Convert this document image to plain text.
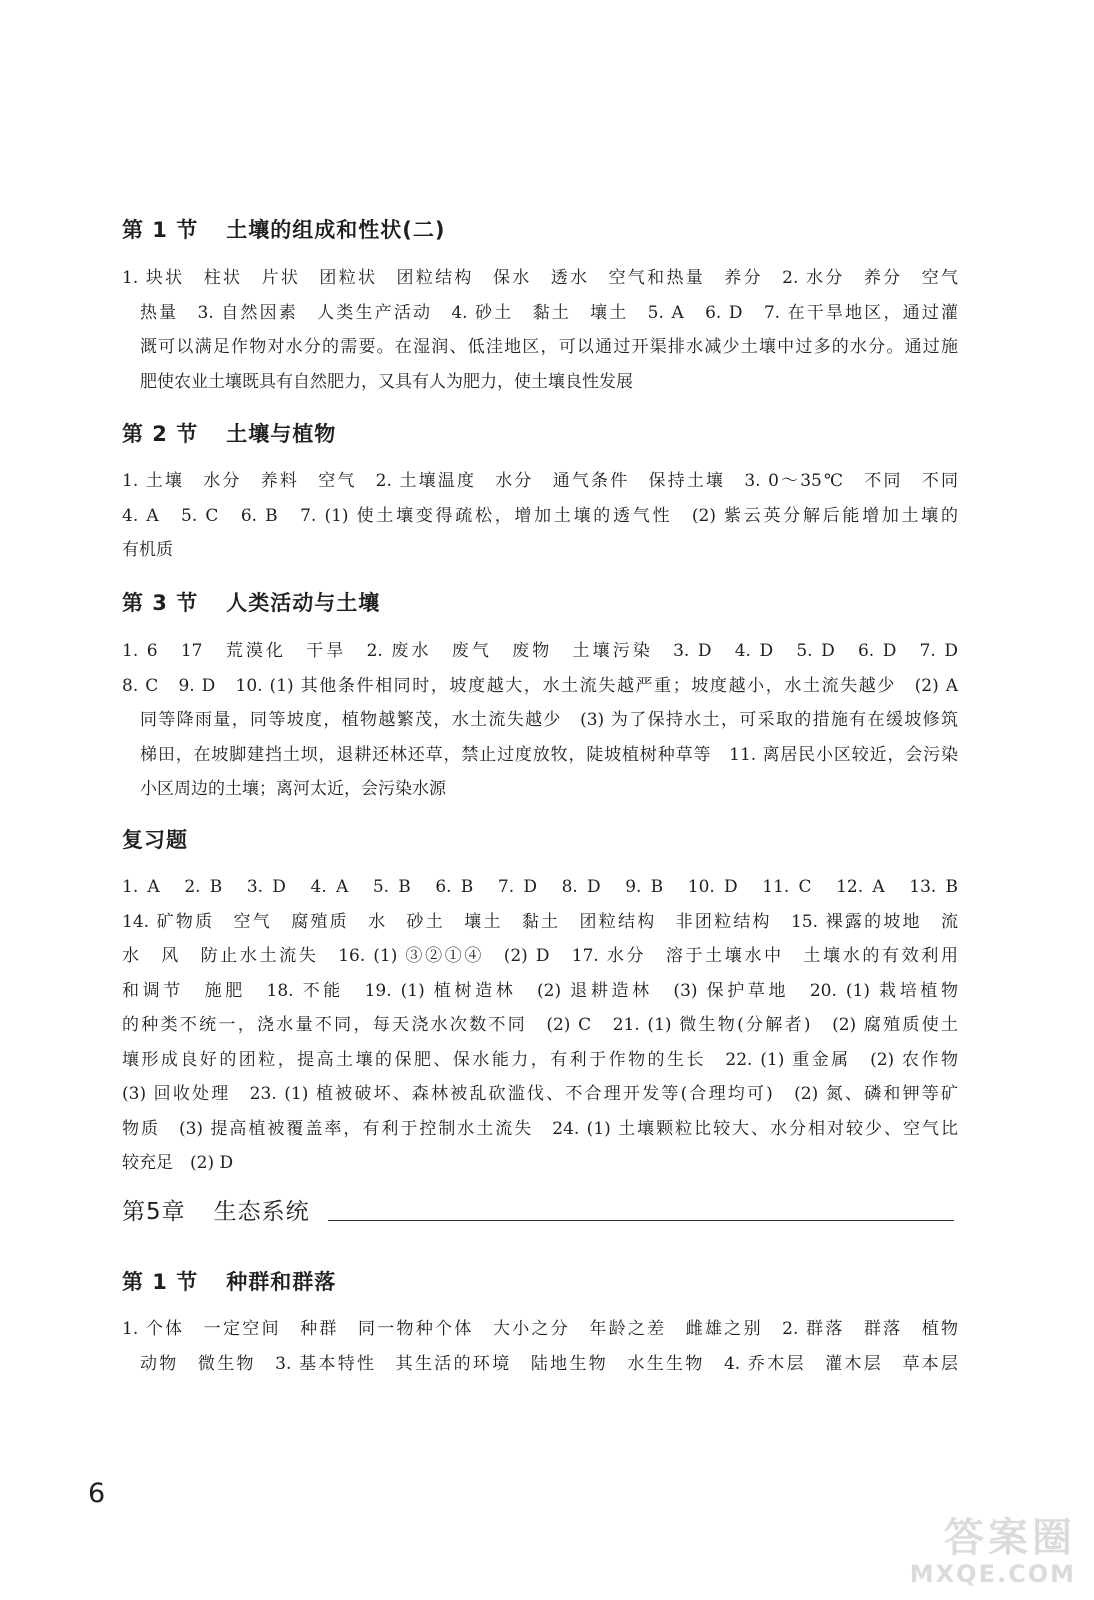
第 1 节 土壤的组成和性状(二)
1. 块状　柱状　片状　团粒状　团粒结构　保水　透水　空气和热量　养分　2. 水分　养分　空气
热量　3. 自然因素　人类生产活动　4. 砂土　黏土　壤土　5. A　6. D　7. 在干旱地区，通过灌
溉可以满足作物对水分的需要。在湿润、低洼地区，可以通过开渠排水减少土壤中过多的水分。通过施
肥使农业土壤既具有自然肥力，又具有人为肥力，使土壤良性发展
第 2 节 土壤与植物
1. 土壤　水分　养料　空气　2. 土壤温度　水分　通气条件　保持土壤　3. 0～35℃　不同　不同
4. A　5. C　6. B　7. (1) 使土壤变得疏松，增加土壤的透气性　(2) 紫云英分解后能增加土壤的
有机质
第 3 节 人类活动与土壤
1. 6　17　荒漠化　干旱　2. 废水　废气　废物　土壤污染　3. D　4. D　5. D　6. D　7. D
8. C　9. D　10. (1) 其他条件相同时，坡度越大，水土流失越严重；坡度越小，水土流失越少　(2) A
同等降雨量，同等坡度，植物越繁茂，水土流失越少　(3) 为了保持水土，可采取的措施有在缓坡修筑
梯田，在坡脚建挡土坝，退耕还林还草，禁止过度放牧，陡坡植树种草等　11. 离居民小区较近，会污染
小区周边的土壤；离河太近，会污染水源
复习题
1. A　2. B　3. D　4. A　5. B　6. B　7. D　8. D　9. B　10. D　11. C　12. A　13. B
14. 矿物质　空气　腐殖质　水　砂土　壤土　黏土　团粒结构　非团粒结构　15. 裸露的坡地　流
水　风　防止水土流失　16. (1) ③②①④　(2) D　17. 水分　溶于土壤水中　土壤水的有效利用
和调节　施肥　18. 不能　19. (1) 植树造林　(2) 退耕造林　(3) 保护草地　20. (1) 栽培植物
的种类不统一，浇水量不同，每天浇水次数不同　(2) C　21. (1) 微生物(分解者)　(2) 腐殖质使土
壤形成良好的团粒，提高土壤的保肥、保水能力，有利于作物的生长　22. (1) 重金属　(2) 农作物
(3) 回收处理　23. (1) 植被破坏、森林被乱砍滥伐、不合理开发等(合理均可)　(2) 氮、磷和钾等矿
物质　(3) 提高植被覆盖率，有利于控制水土流失　24. (1) 土壤颗粒比较大、水分相对较少、空气比
较充足　(2) D
第5章 生态系统
第 1 节 种群和群落
1. 个体　一定空间　种群　同一物种个体　大小之分　年龄之差　雌雄之别　2. 群落　群落　植物
动物　微生物　3. 基本特性　其生活的环境　陆地生物　水生生物　4. 乔木层　灌木层　草本层
6
答案圈
MXQE.COM
